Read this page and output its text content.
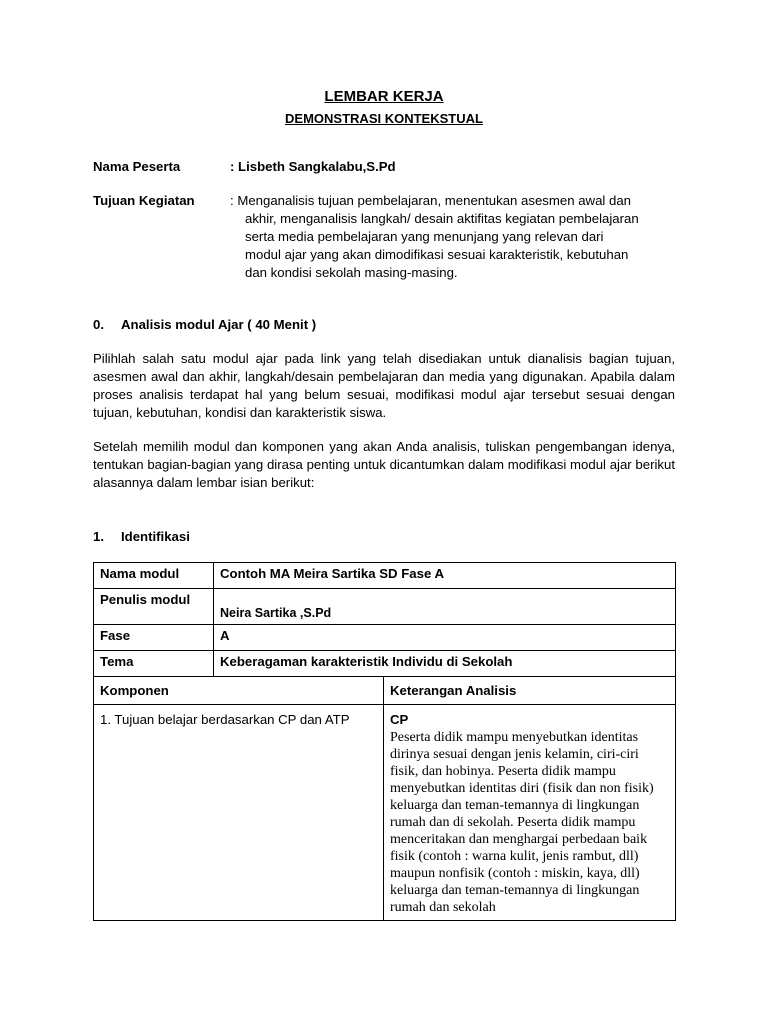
LEMBAR KERJA
DEMONSTRASI KONTEKSTUAL
Nama Peserta	: Lisbeth Sangkalabu,S.Pd
Tujuan Kegiatan	: Menganalisis tujuan pembelajaran, menentukan asesmen awal dan
akhir, menganalisis langkah/ desain aktifitas kegiatan pembelajaran
serta media pembelajaran yang menunjang yang relevan dari
modul ajar yang akan dimodifikasi sesuai karakteristik, kebutuhan
dan kondisi sekolah masing-masing.
0. Analisis modul Ajar ( 40 Menit )
Pilihlah salah satu modul ajar pada link yang telah disediakan untuk dianalisis bagian tujuan, asesmen awal dan akhir, langkah/desain pembelajaran dan media yang digunakan. Apabila dalam proses analisis terdapat hal yang belum sesuai, modifikasi modul ajar tersebut sesuai dengan tujuan, kebutuhan, kondisi dan karakteristik siswa.
Setelah memilih modul dan komponen yang akan Anda analisis, tuliskan pengembangan idenya, tentukan bagian-bagian yang dirasa penting untuk dicantumkan dalam modifikasi modul ajar berikut alasannya dalam lembar isian berikut:
1. Identifikasi
Nama modul	Contoh MA Meira Sartika SD Fase A	
Penulis modul	Neira Sartika ,S.Pd	
Fase	A	
Tema	Keberagaman karakteristik Individu di Sekolah	
Komponen		Keterangan Analisis
1. Tujuan belajar berdasarkan CP dan ATP		CP
Peserta didik mampu menyebutkan identitas dirinya sesuai dengan jenis kelamin, ciri-ciri fisik, dan hobinya. Peserta didik mampu menyebutkan identitas diri (fisik dan non fisik) keluarga dan teman-temannya di lingkungan rumah dan di sekolah. Peserta didik mampu menceritakan dan menghargai perbedaan baik fisik (contoh : warna kulit, jenis rambut, dll) maupun nonfisik (contoh : miskin, kaya, dll) keluarga dan teman-temannya di lingkungan rumah dan sekolah
